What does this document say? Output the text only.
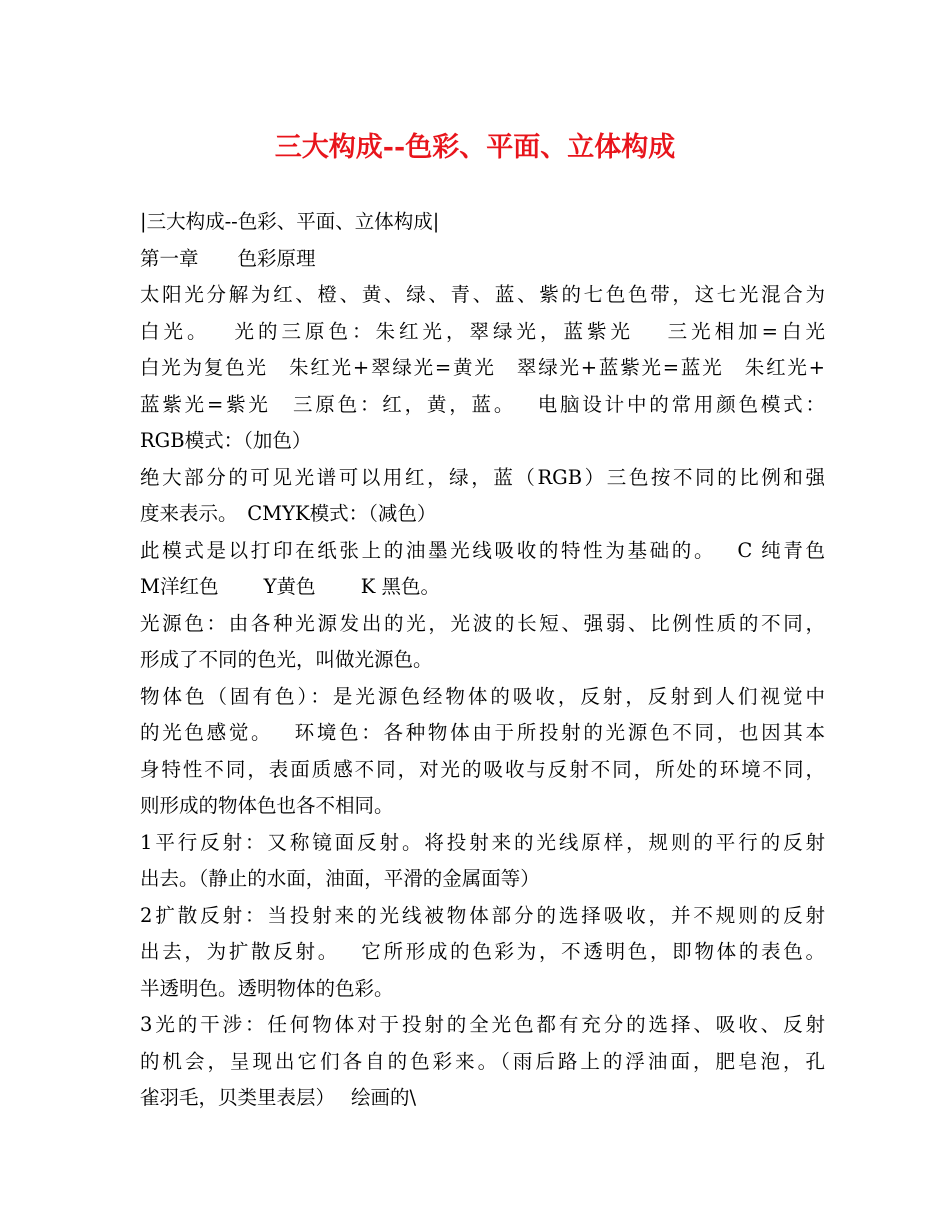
三大构成--色彩、平面、立体构成
|三大构成--色彩、平面、立体构成|
第一章　　色彩原理
太阳光分解为红、橙、黄、绿、青、蓝、紫的七色色带，这七光混合为
白光。　 光的三原色：朱红光，翠绿光，蓝紫光　 三光相加=白光
白光为复色光　朱红光+翠绿光=黄光　翠绿光+蓝紫光=蓝光　朱红光+
蓝紫光=紫光　三原色：红，黄，蓝。　 电脑设计中的常用颜色模式：
RGB模式：（加色）
绝大部分的可见光谱可以用红，绿，蓝（RGB）三色按不同的比例和强
度来表示。　CMYK模式：（减色）
此模式是以打印在纸张上的油墨光线吸收的特性为基础的。　 C 纯青色
M洋红色　　 Y黄色　　 K 黑色。
光源色：由各种光源发出的光，光波的长短、强弱、比例性质的不同，
形成了不同的色光，叫做光源色。
物体色（固有色）：是光源色经物体的吸收，反射，反射到人们视觉中
的光色感觉。　 环境色：各种物体由于所投射的光源色不同，也因其本
身特性不同，表面质感不同，对光的吸收与反射不同，所处的环境不同，
则形成的物体色也各不相同。
1平行反射：又称镜面反射。将投射来的光线原样，规则的平行的反射
出去。（静止的水面，油面，平滑的金属面等）
2扩散反射：当投射来的光线被物体部分的选择吸收，并不规则的反射
出去，为扩散反射。　 它所形成的色彩为，不透明色，即物体的表色。
半透明色。透明物体的色彩。
3光的干涉：任何物体对于投射的全光色都有充分的选择、吸收、反射
的机会，呈现出它们各自的色彩来。（雨后路上的浮油面，肥皂泡，孔
雀羽毛，贝类里表层）　 绘画的\
